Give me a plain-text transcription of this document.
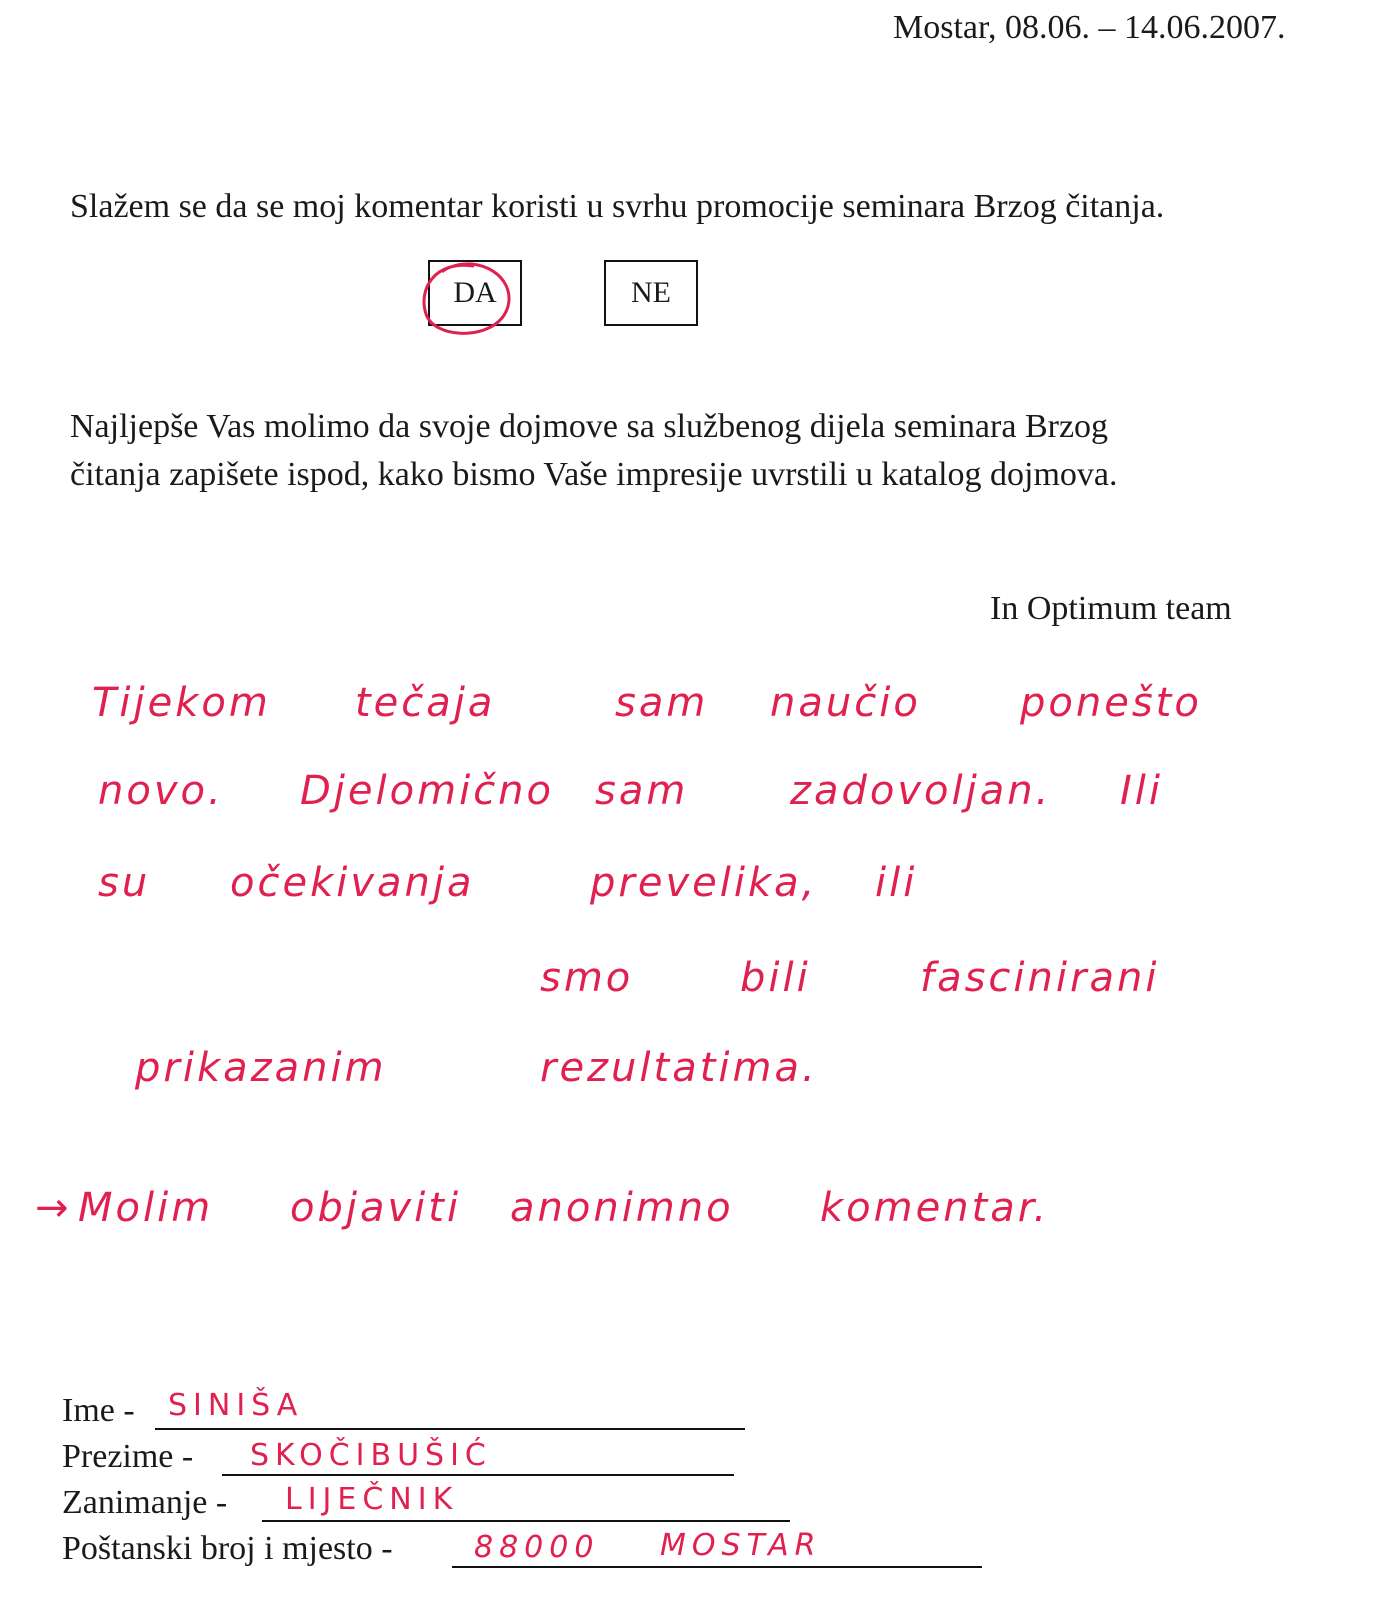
Mostar, 08.06. – 14.06.2007.
Slažem se da se moj komentar koristi u svrhu promocije seminara Brzog čitanja.
DA	NE
Najljepše Vas molimo da svoje dojmove sa službenog dijela seminara Brzog
čitanja zapišete ispod, kako bismo Vaše impresije uvrstili u katalog dojmova.
In Optimum team
Tijekom tečaja	sam naučio ponešto
novo. Djelomično sam	zadovoljan. Ili
su očekivanja	prevelika, ili
smo	bili	fascinirani
prikazanim	rezultatima.
→ Molim objaviti anonimno komentar.
Ime - SINIŠA
Prezime - SKOČIBUŠIĆ
Zanimanje - LIJEČNIK
Poštanski broj i mjesto -	88000 MOSTAR
